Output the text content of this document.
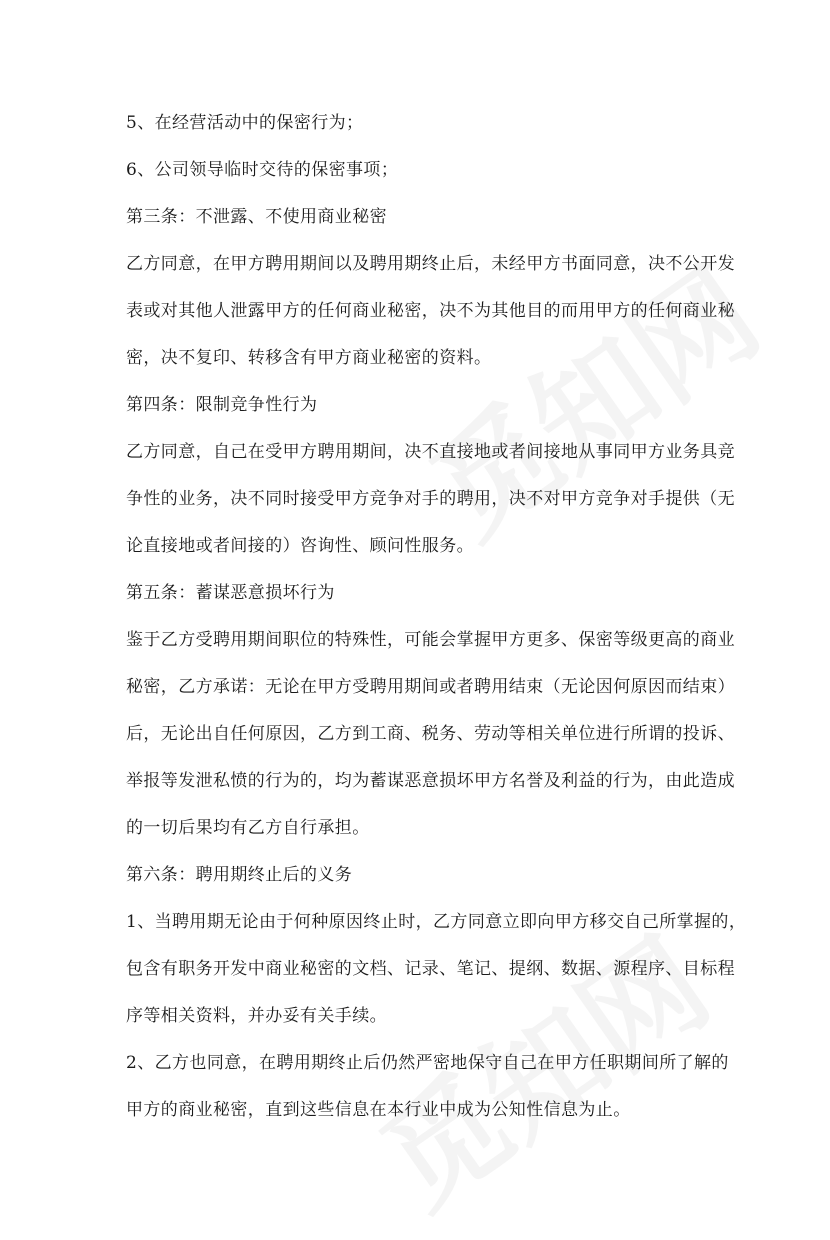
5、在经营活动中的保密行为；

6、公司领导临时交待的保密事项；

第三条：不泄露、不使用商业秘密

乙方同意，在甲方聘用期间以及聘用期终止后，未经甲方书面同意，决不公开发

表或对其他人泄露甲方的任何商业秘密，决不为其他目的而用甲方的任何商业秘

密，决不复印、转移含有甲方商业秘密的资料。

第四条：限制竞争性行为

乙方同意，自己在受甲方聘用期间，决不直接地或者间接地从事同甲方业务具竞

争性的业务，决不同时接受甲方竞争对手的聘用，决不对甲方竞争对手提供（无

论直接地或者间接的）咨询性、顾问性服务。

第五条：蓄谋恶意损坏行为

鉴于乙方受聘用期间职位的特殊性，可能会掌握甲方更多、保密等级更高的商业

秘密，乙方承诺：无论在甲方受聘用期间或者聘用结束（无论因何原因而结束）

后，无论出自任何原因，乙方到工商、税务、劳动等相关单位进行所谓的投诉、

举报等发泄私愤的行为的，均为蓄谋恶意损坏甲方名誉及利益的行为，由此造成

的一切后果均有乙方自行承担。

第六条：聘用期终止后的义务

1、当聘用期无论由于何种原因终止时，乙方同意立即向甲方移交自己所掌握的，

包含有职务开发中商业秘密的文档、记录、笔记、提纲、数据、源程序、目标程

序等相关资料，并办妥有关手续。

2、乙方也同意，在聘用期终止后仍然严密地保守自己在甲方任职期间所了解的

甲方的商业秘密，直到这些信息在本行业中成为公知性信息为止。
